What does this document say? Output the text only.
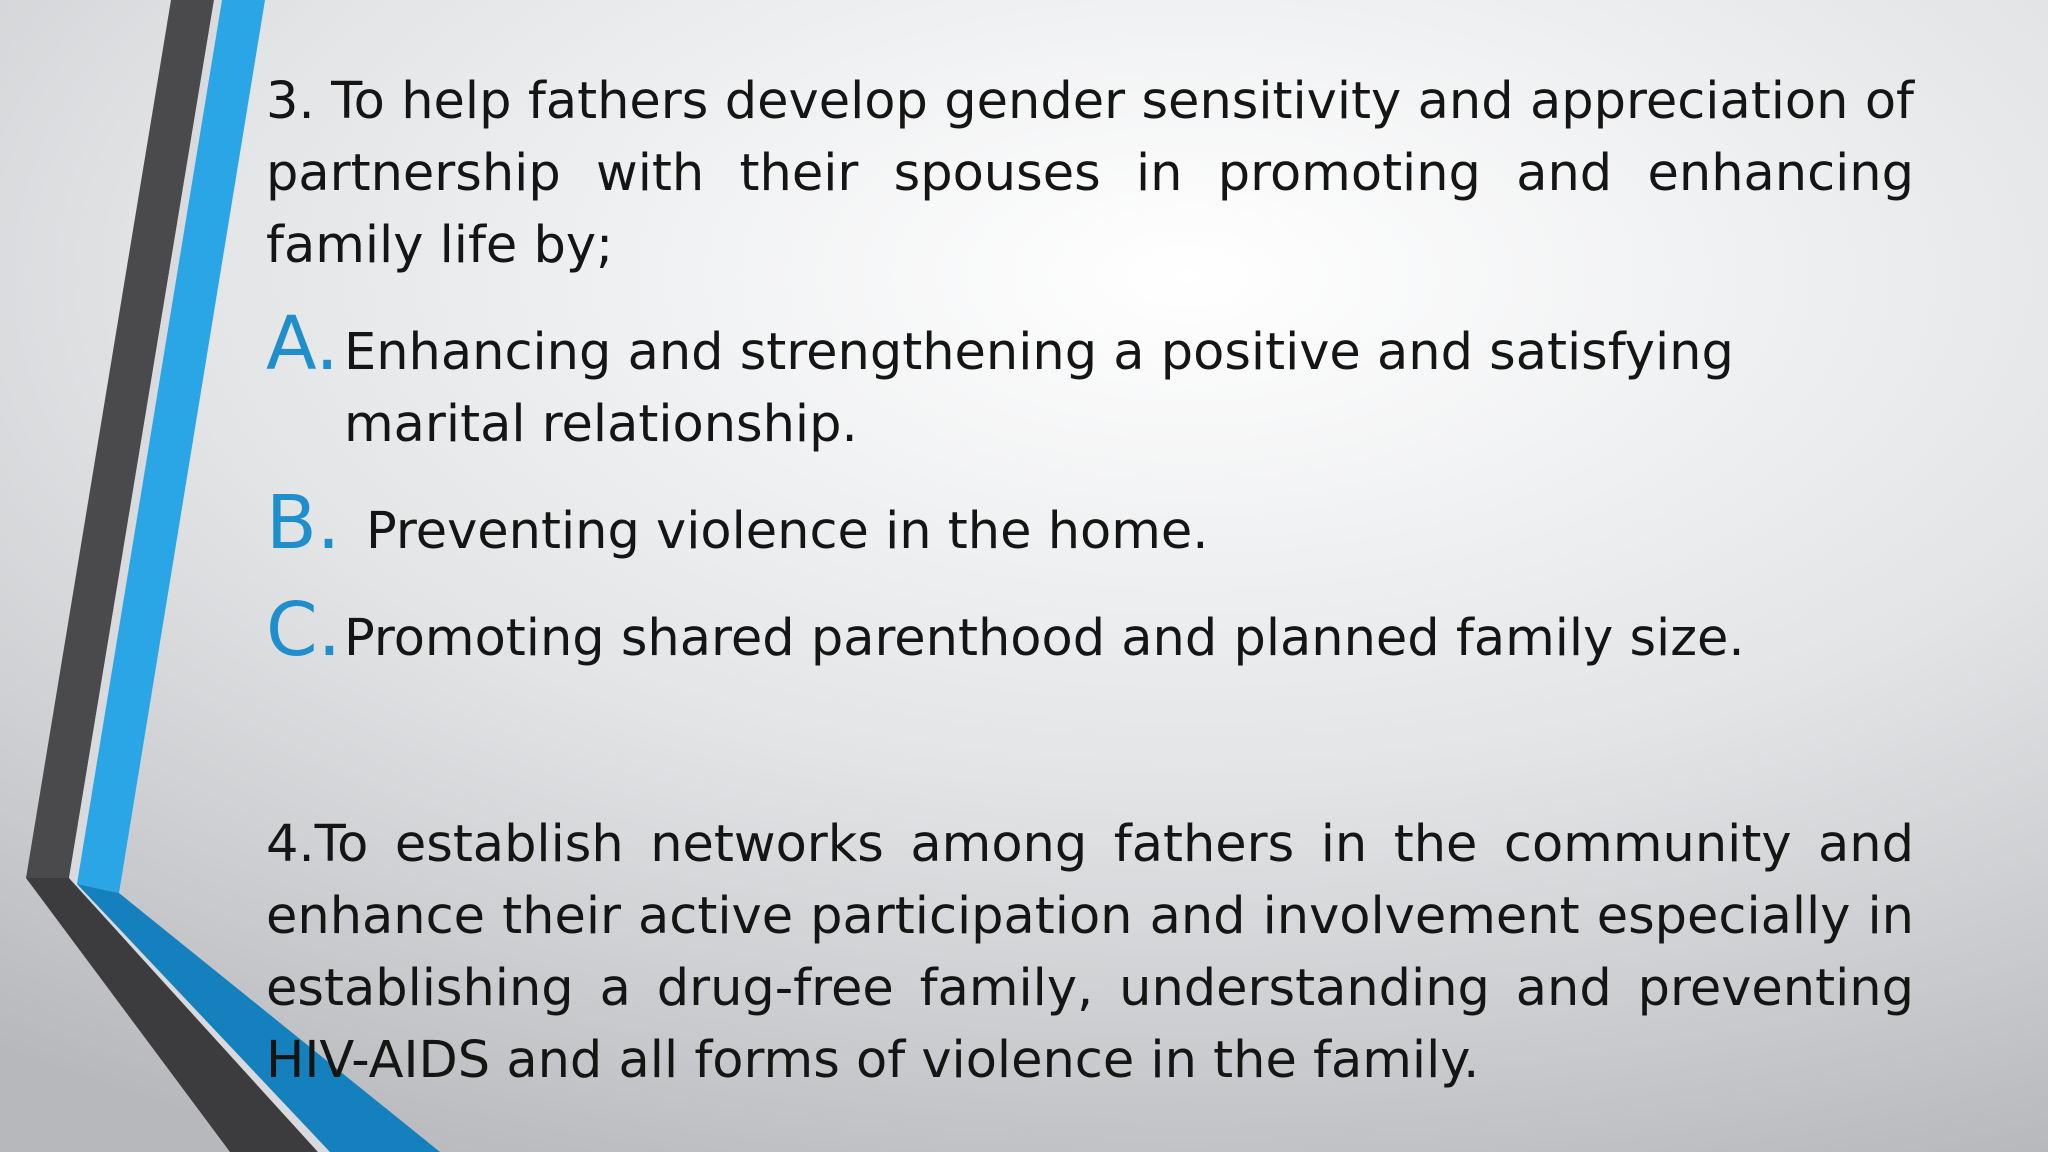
3. To help fathers develop gender sensitivity and appreciation of partnership with their spouses in promoting and enhancing family life by;

A. Enhancing and strengthening a positive and satisfying marital relationship.
B. Preventing violence in the home.
C. Promoting shared parenthood and planned family size.

4.To establish networks among fathers in the community and enhance their active participation and involvement especially in establishing a drug-free family, understanding and preventing HIV-AIDS and all forms of violence in the family.
